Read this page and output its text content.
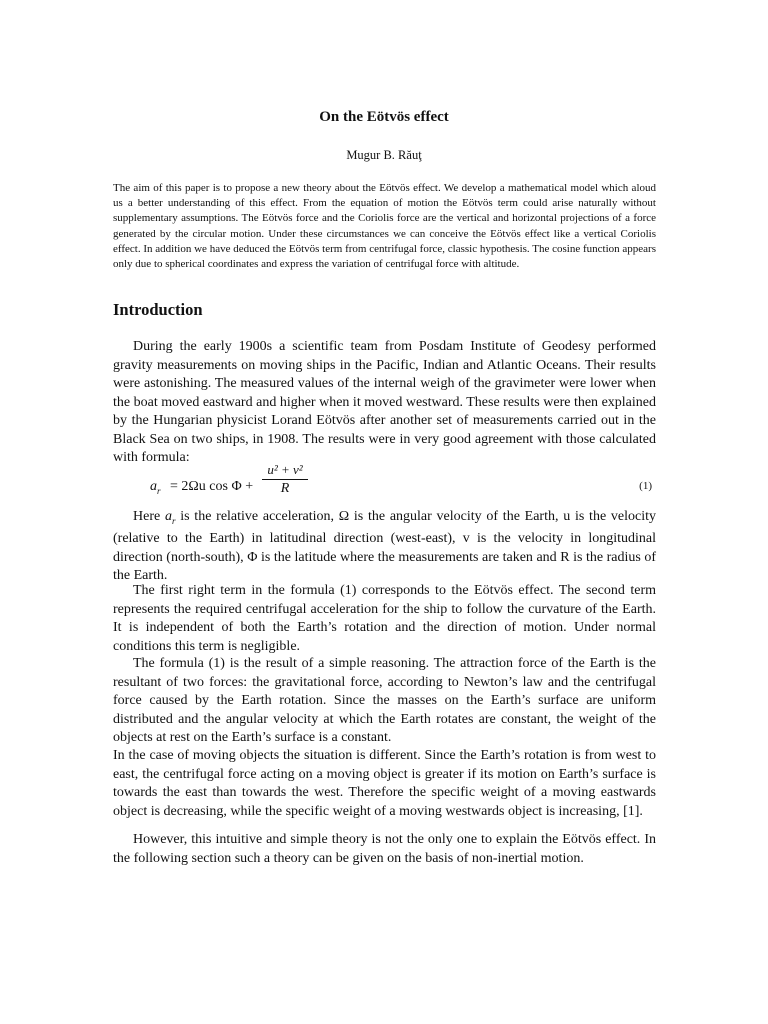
On the Eötvös effect
Mugur B. Răuţ

The aim of this paper is to propose a new theory about the Eötvös effect. We develop a mathematical model which aloud us a better understanding of this effect. From the equation of motion the Eötvös term could arise naturally without supplementary assumptions. The Eötvös force and the Coriolis force are the vertical and horizontal projections of a force generated by the circular motion. Under these circumstances we can conceive the Eötvös effect like a vertical Coriolis effect. In addition we have deduced the Eötvös term from centrifugal force, classic hypothesis. The cosine function appears only due to spherical coordinates and express the variation of centrifugal force with altitude.

Introduction

During the early 1900s a scientific team from Posdam Institute of Geodesy performed gravity measurements on moving ships in the Pacific, Indian and Atlantic Oceans. Their results were astonishing. The measured values of the internal weigh of the gravimeter were lower when the boat moved eastward and higher when it moved westward. These results were then explained by the Hungarian physicist Lorand Eötvös after another set of measurements carried out in the Black Sea on two ships, in 1908. The results were in very good agreement with those calculated with formula:

$a_r = 2\Omega u$ $\cos \Phi + \frac{\text{u² + v²}}{R}$	(1)

Here $a_r$ is the relative acceleration, Ω is the angular velocity of the Earth, u is the velocity (relative to the Earth) in latitudinal direction (west-east), v is the velocity in longitudinal direction (north-south), Φ is the latitude where the measurements are taken and R is the radius of the Earth.

The first right term in the formula (1) corresponds to the Eötvös effect. The second term represents the required centrifugal acceleration for the ship to follow the curvature of the Earth. It is independent of both the Earth’s rotation and the direction of motion. Under normal conditions this term is negligible.

The formula (1) is the result of a simple reasoning. The attraction force of the Earth is the resultant of two forces: the gravitational force, according to Newton’s law and the centrifugal force caused by the Earth rotation. Since the masses on the Earth’s surface are uniform distributed and the angular velocity at which the Earth rotates are constant, the weight of the objects at rest on the Earth’s surface is a constant.

In the case of moving objects the situation is different. Since the Earth’s rotation is from west to east, the centrifugal force acting on a moving object is greater if its motion on Earth’s surface is towards the east than towards the west. Therefore the specific weight of a moving eastwards object is decreasing, while the specific weight of a moving westwards object is increasing, [1].

However, this intuitive and simple theory is not the only one to explain the Eötvös effect. In the following section such a theory can be given on the basis of non-inertial motion.
